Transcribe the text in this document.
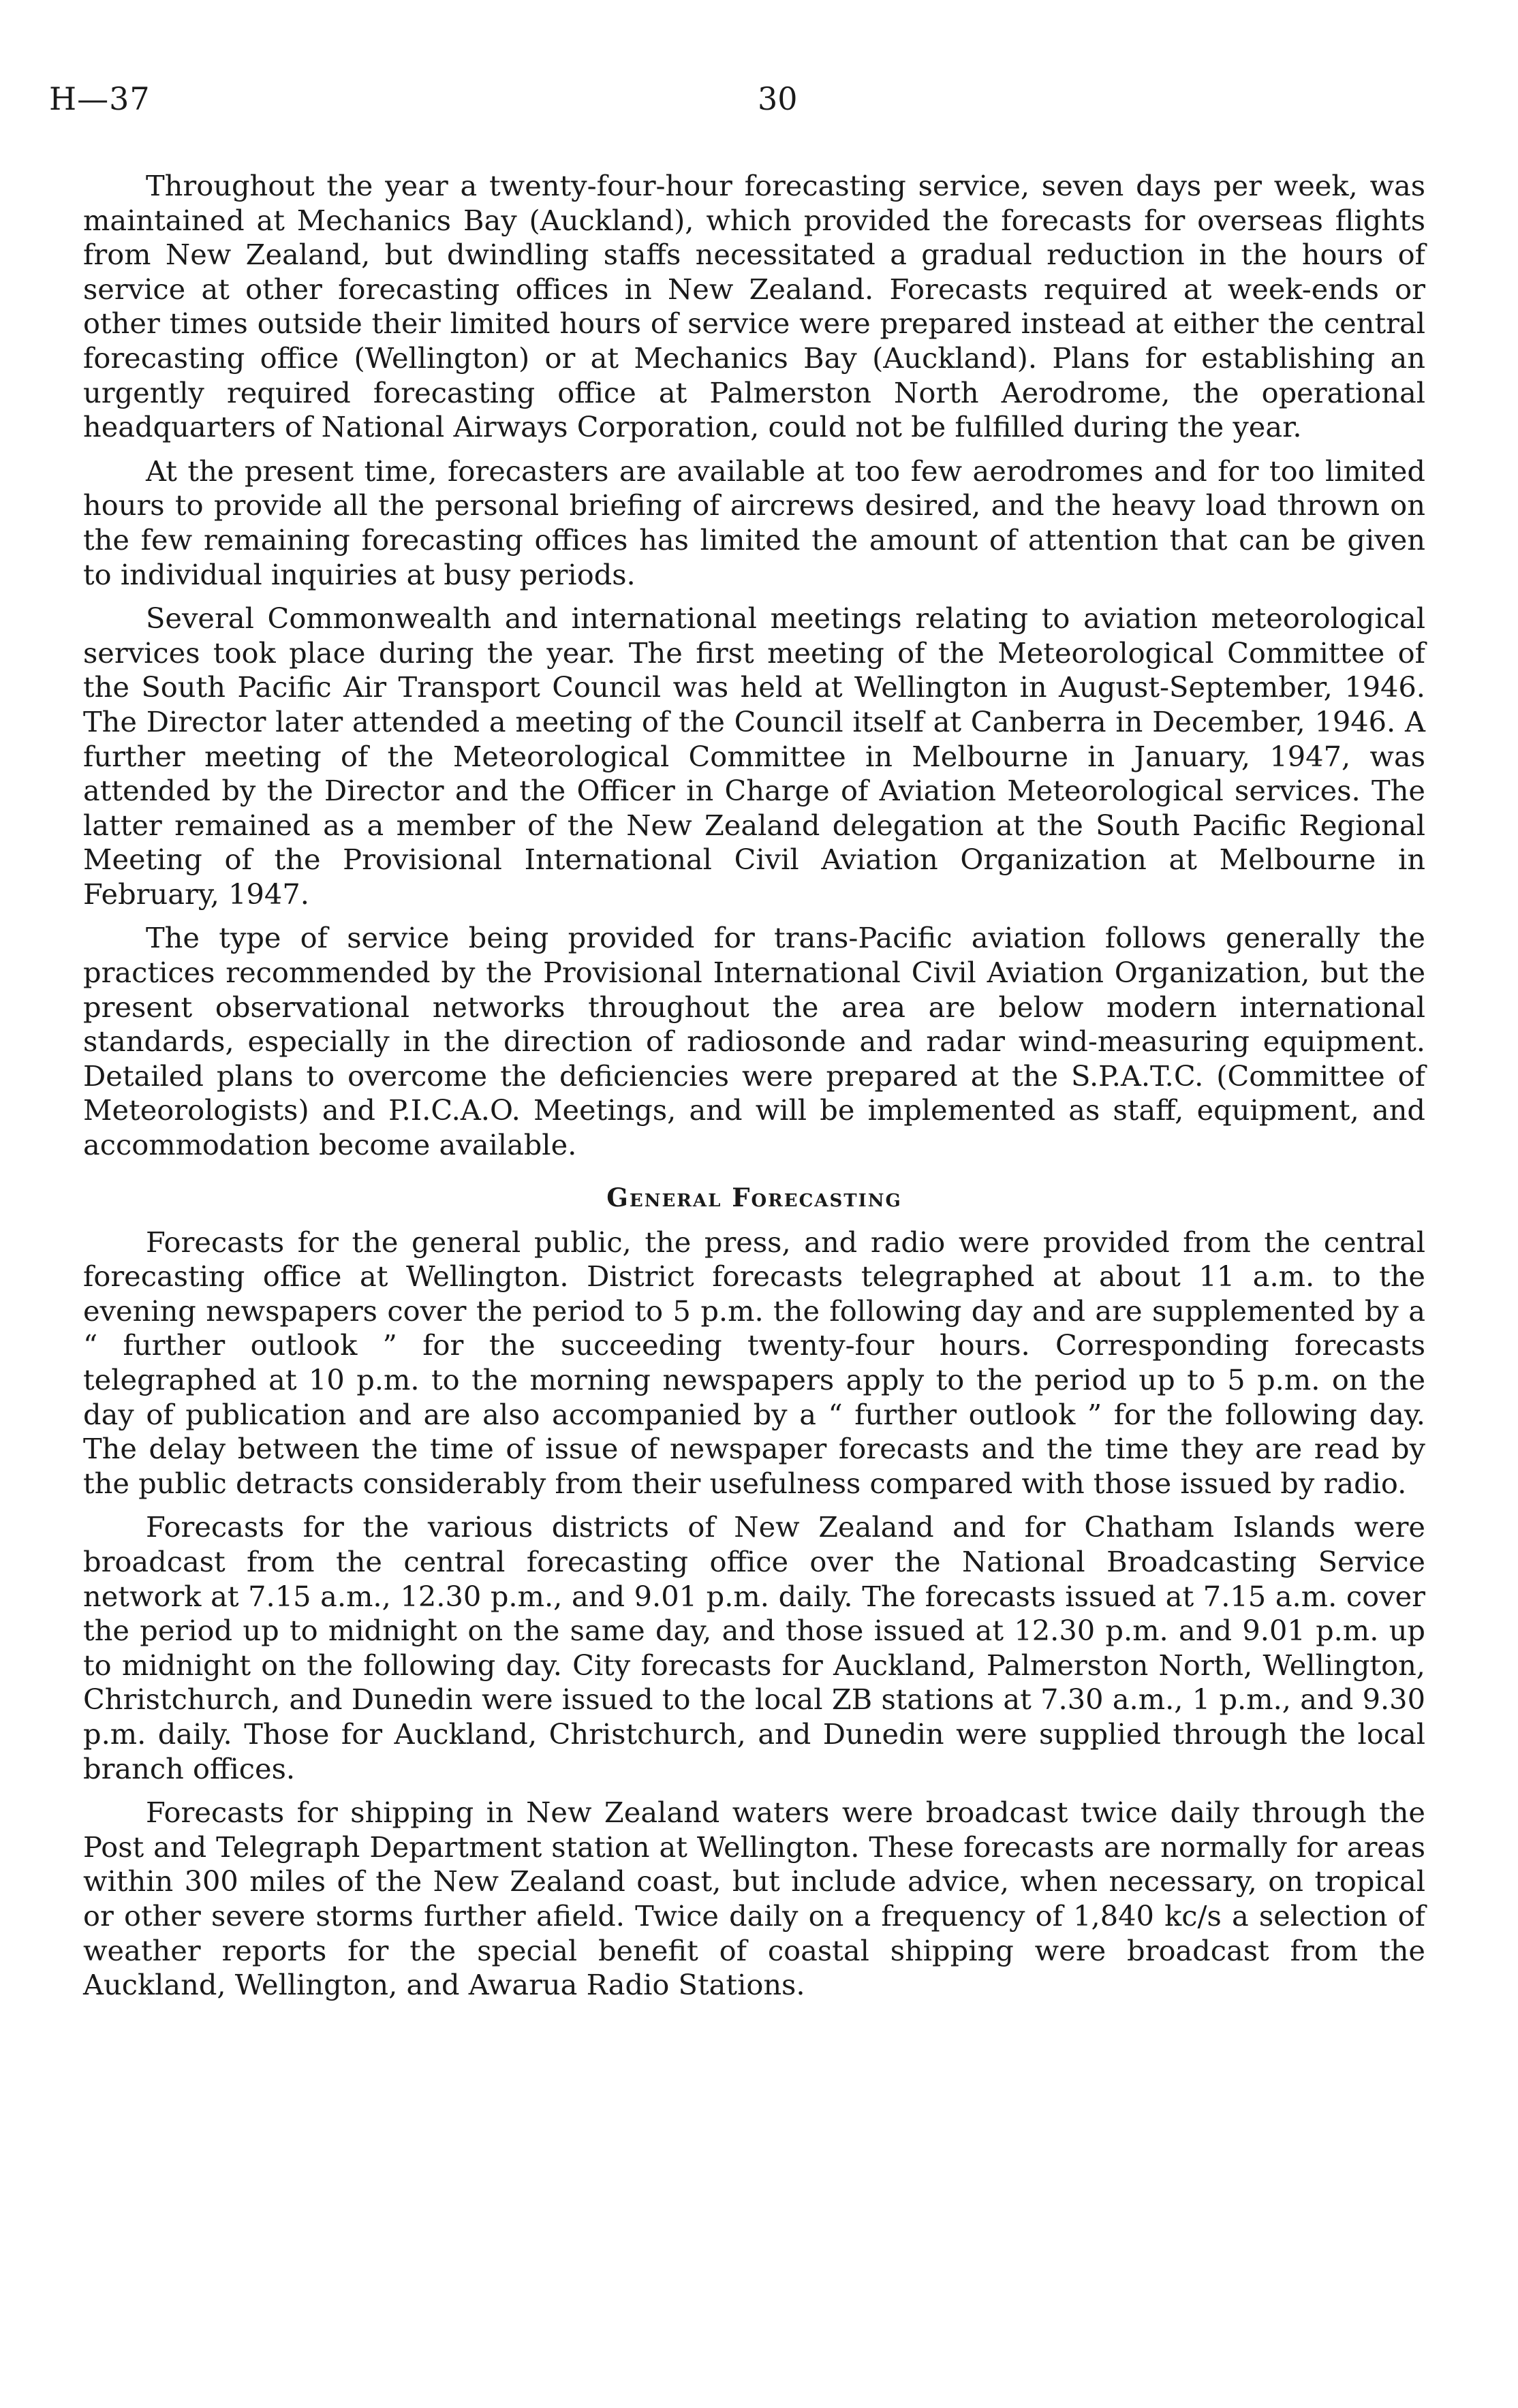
H—37	30

Throughout the year a twenty-four-hour forecasting service, seven days per week, was maintained at Mechanics Bay (Auckland), which provided the forecasts for overseas flights from New Zealand, but dwindling staffs necessitated a gradual reduction in the hours of service at other forecasting offices in New Zealand. Forecasts required at week-ends or other times outside their limited hours of service were prepared instead at either the central forecasting office (Wellington) or at Mechanics Bay (Auckland). Plans for establishing an urgently required forecasting office at Palmerston North Aerodrome, the operational headquarters of National Airways Corporation, could not be fulfilled during the year.

At the present time, forecasters are available at too few aerodromes and for too limited hours to provide all the personal briefing of aircrews desired, and the heavy load thrown on the few remaining forecasting offices has limited the amount of attention that can be given to individual inquiries at busy periods.

Several Commonwealth and international meetings relating to aviation meteorological services took place during the year. The first meeting of the Meteorological Committee of the South Pacific Air Transport Council was held at Wellington in August-September, 1946. The Director later attended a meeting of the Council itself at Canberra in December, 1946. A further meeting of the Meteorological Committee in Melbourne in January, 1947, was attended by the Director and the Officer in Charge of Aviation Meteorological services. The latter remained as a member of the New Zealand delegation at the South Pacific Regional Meeting of the Provisional International Civil Aviation Organization at Melbourne in February, 1947.

The type of service being provided for trans-Pacific aviation follows generally the practices recommended by the Provisional International Civil Aviation Organization, but the present observational networks throughout the area are below modern international standards, especially in the direction of radiosonde and radar wind-measuring equipment. Detailed plans to overcome the deficiencies were prepared at the S.P.A.T.C. (Committee of Meteorologists) and P.I.C.A.O. Meetings, and will be implemented as staff, equipment, and accommodation become available.

General Forecasting

Forecasts for the general public, the press, and radio were provided from the central forecasting office at Wellington. District forecasts telegraphed at about 11 a.m. to the evening newspapers cover the period to 5 p.m. the following day and are supplemented by a “ further outlook ” for the succeeding twenty-four hours. Corresponding forecasts telegraphed at 10 p.m. to the morning newspapers apply to the period up to 5 p.m. on the day of publication and are also accompanied by a “ further outlook ” for the following day. The delay between the time of issue of newspaper forecasts and the time they are read by the public detracts considerably from their usefulness compared with those issued by radio.

Forecasts for the various districts of New Zealand and for Chatham Islands were broadcast from the central forecasting office over the National Broadcasting Service network at 7.15 a.m., 12.30 p.m., and 9.01 p.m. daily. The forecasts issued at 7.15 a.m. cover the period up to midnight on the same day, and those issued at 12.30 p.m. and 9.01 p.m. up to midnight on the following day. City forecasts for Auckland, Palmerston North, Wellington, Christchurch, and Dunedin were issued to the local ZB stations at 7.30 a.m., 1 p.m., and 9.30 p.m. daily. Those for Auckland, Christchurch, and Dunedin were supplied through the local branch offices.

Forecasts for shipping in New Zealand waters were broadcast twice daily through the Post and Telegraph Department station at Wellington. These forecasts are normally for areas within 300 miles of the New Zealand coast, but include advice, when necessary, on tropical or other severe storms further afield. Twice daily on a frequency of 1,840 kc/s a selection of weather reports for the special benefit of coastal shipping were broadcast from the Auckland, Wellington, and Awarua Radio Stations.
